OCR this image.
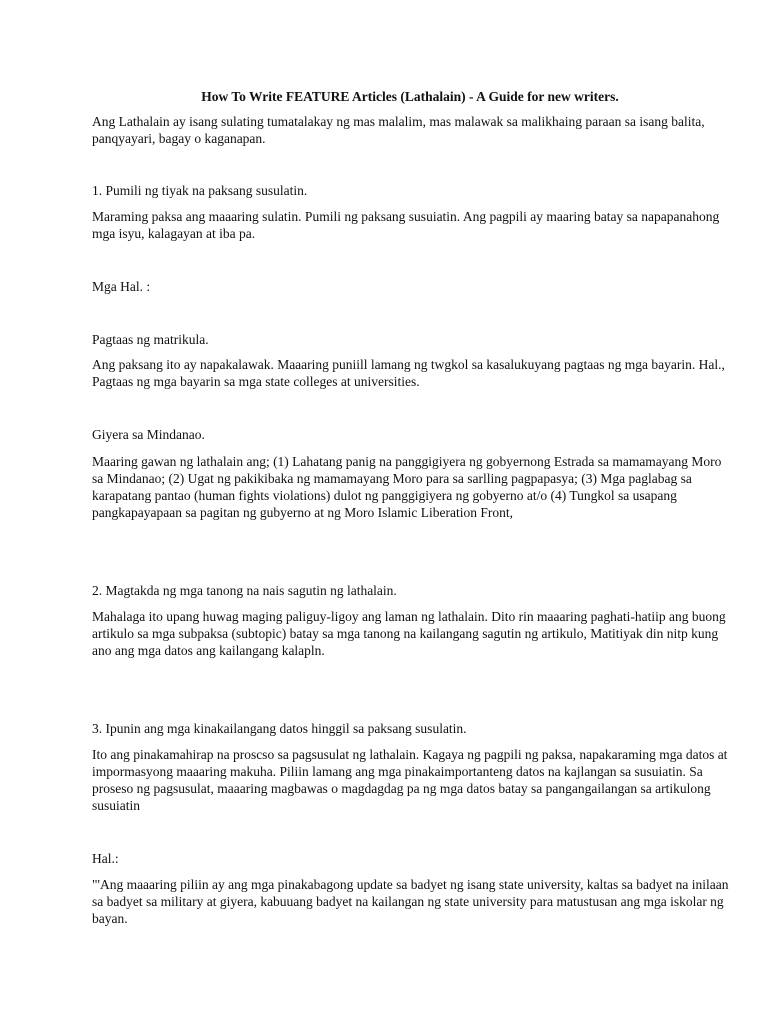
How To Write FEATURE Articles (Lathalain) - A Guide for new writers.

Ang Lathalain ay isang sulating tumatalakay ng mas malalim, mas malawak sa malikhaing paraan sa isang balita, panqyayari, bagay o kaganapan.

1. Pumili ng tiyak na paksang susulatin.

Maraming paksa ang maaaring sulatin. Pumili ng paksang susuiatin. Ang pagpili ay maaring batay sa napapanahong mga isyu, kalagayan at iba pa.

Mga Hal. :

Pagtaas ng matrikula.

Ang paksang ito ay napakalawak. Maaaring puniill lamang ng twgkol sa kasalukuyang pagtaas ng mga bayarin. Hal., Pagtaas ng mga bayarin sa mga state colleges at universities.

Giyera sa Mindanao.

Maaring gawan ng lathalain ang; (1) Lahatang panig na panggigiyera ng gobyernong Estrada sa mamamayang Moro sa Mindanao; (2) Ugat ng pakikibaka ng mamamayang Moro para sa sarlling pagpapasya; (3) Mga paglabag sa karapatang pantao (human fights violations) dulot ng panggigiyera ng gobyerno at/o (4) Tungkol sa usapang pangkapayapaan sa pagitan ng gubyerno at ng Moro Islamic Liberation Front,

2. Magtakda ng mga tanong na nais sagutin ng lathalain.

Mahalaga ito upang huwag maging paliguy-ligoy ang laman ng lathalain. Dito rin maaaring paghati-hatiip ang buong artikulo sa mga subpaksa (subtopic) batay sa mga tanong na kailangang sagutin ng artikulo, Matitiyak din nitp kung ano ang mga datos ang kailangang kalapln.

3. Ipunin ang mga kinakailangang datos hinggil sa paksang susulatin.

Ito ang pinakamahirap na proscso sa pagsusulat ng lathalain. Kagaya ng pagpili ng paksa, napakaraming mga datos at impormasyong maaaring makuha. Piliin lamang ang mga pinakaimportanteng datos na kajlangan sa susuiatin. Sa proseso ng pagsusulat, maaaring magbawas o magdagdag pa ng mga datos batay sa pangangailangan sa artikulong susuiatin

Hal.:

"'Ang maaaring piliin ay ang mga pinakabagong update sa badyet ng isang state university, kaltas sa badyet na inilaan sa badyet sa military at giyera, kabuuang badyet na kailangan ng state university para matustusan ang mga iskolar ng bayan.
